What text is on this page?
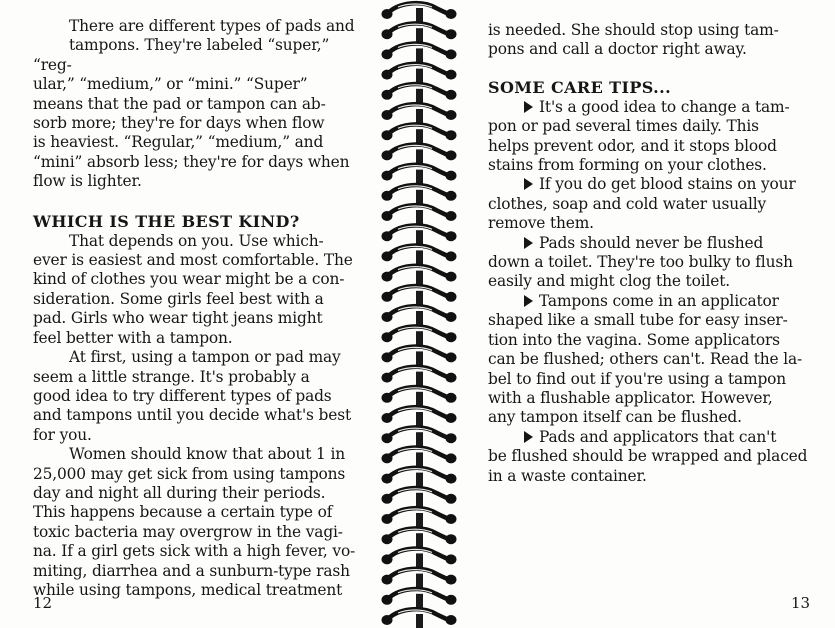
There are different types of pads and
tampons. They're labeled “super,” “reg-
ular,” “medium,” or “mini.” “Super”
means that the pad or tampon can ab-
sorb more; they're for days when flow
is heaviest. “Regular,” “medium,” and
“mini” absorb less; they're for days when
flow is lighter.

WHICH IS THE BEST KIND?

That depends on you. Use which-
ever is easiest and most comfortable. The
kind of clothes you wear might be a con-
sideration. Some girls feel best with a
pad. Girls who wear tight jeans might
feel better with a tampon.

At first, using a tampon or pad may
seem a little strange. It's probably a
good idea to try different types of pads
and tampons until you decide what's best
for you.

Women should know that about 1 in
25,000 may get sick from using tampons
day and night all during their periods.
This happens because a certain type of
toxic bacteria may overgrow in the vagi-
na. If a girl gets sick with a high fever, vo-
miting, diarrhea and a sunburn-type rash
while using tampons, medical treatment

12

is needed. She should stop using tam-
pons and call a doctor right away.

SOME CARE TIPS...

It's a good idea to change a tam-
pon or pad several times daily. This
helps prevent odor, and it stops blood
stains from forming on your clothes.

If you do get blood stains on your
clothes, soap and cold water usually
remove them.

Pads should never be flushed
down a toilet. They're too bulky to flush
easily and might clog the toilet.

Tampons come in an applicator
shaped like a small tube for easy inser-
tion into the vagina. Some applicators
can be flushed; others can't. Read the la-
bel to find out if you're using a tampon
with a flushable applicator. However,
any tampon itself can be flushed.

Pads and applicators that can't
be flushed should be wrapped and placed
in a waste container.

13
